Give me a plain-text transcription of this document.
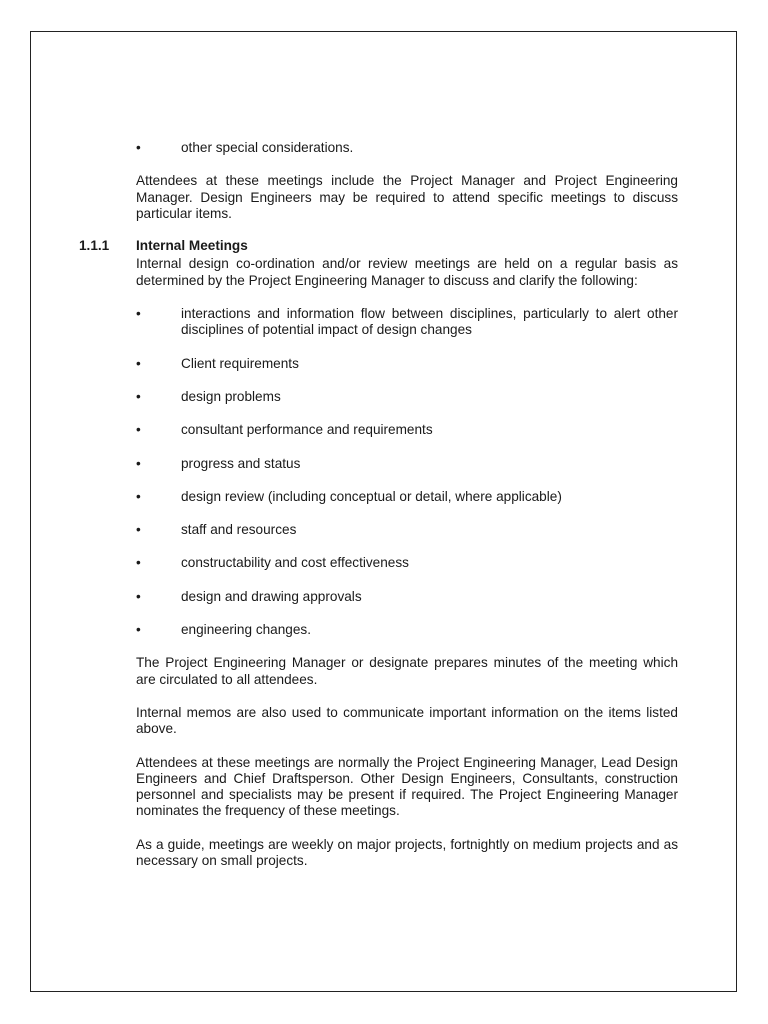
•	other special considerations.

Attendees at these meetings include the Project Manager and Project Engineering Manager. Design Engineers may be required to attend specific meetings to discuss particular items.

1.1.1 Internal Meetings

Internal design co-ordination and/or review meetings are held on a regular basis as determined by the Project Engineering Manager to discuss and clarify the following:

•	interactions and information flow between disciplines, particularly to alert other disciplines of potential impact of design changes

•	Client requirements

•	design problems

•	consultant performance and requirements

•	progress and status

•	design review (including conceptual or detail, where applicable)

•	staff and resources

•	constructability and cost effectiveness

•	design and drawing approvals

•	engineering changes.

The Project Engineering Manager or designate prepares minutes of the meeting which are circulated to all attendees.

Internal memos are also used to communicate important information on the items listed above.

Attendees at these meetings are normally the Project Engineering Manager, Lead Design Engineers and Chief Draftsperson. Other Design Engineers, Consultants, construction personnel and specialists may be present if required. The Project Engineering Manager nominates the frequency of these meetings.

As a guide, meetings are weekly on major projects, fortnightly on medium projects and as necessary on small projects.
